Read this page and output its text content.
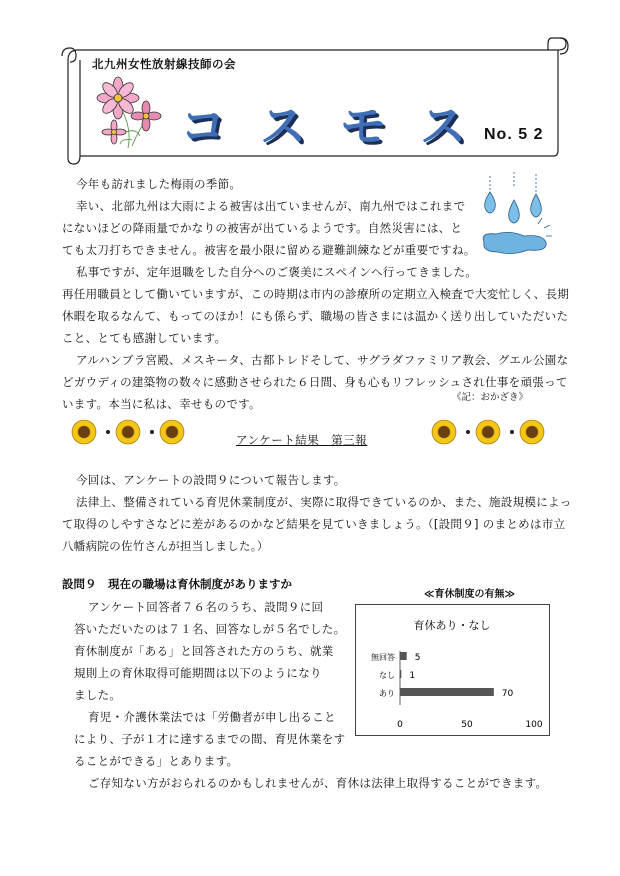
北九州女性放射線技師の会
コスモス
No. 5 2
今年も訪れました梅雨の季節。
幸い、北部九州は大雨による被害は出ていませんが、南九州ではこれまで
にないほどの降雨量でかなりの被害が出ているようです。自然災害には、と
ても太刀打ちできません。被害を最小限に留める避難訓練などが重要ですね。
私事ですが、定年退職をした自分へのご褒美にスペインへ行ってきました。
再任用職員として働いていますが、この時期は市内の診療所の定期立入検査で大変忙しく、長期
休暇を取るなんて、もってのほか！にも係らず、職場の皆さまには温かく送り出していただいた
こと、とても感謝しています。
アルハンブラ宮殿、メスキータ、古都トレドそして、サグラダファミリア教会、グエル公園な
どガウディの建築物の数々に感動させられた６日間、身も心もリフレッシュされ仕事を頑張って
います。本当に私は、幸せものです。	《記：おかざき》
アンケート結果　第三報
今回は、アンケートの設問９について報告します。
法律上、整備されている育児休業制度が、実際に取得できているのか、また、施設規模によっ
て取得のしやすさなどに差があるのかなど結果を見ていきましょう。（[設問９] のまとめは市立
八幡病院の佐竹さんが担当しました。）
設問９　現在の職場は育休制度がありますか
アンケート回答者７６名のうち、設問９に回
答いただいたのは７１名、回答なしが５名でした。
育休制度が「ある」と回答された方のうち、就業
規則上の育休取得可能期間は以下のようになり
ました。
育児・介護休業法では「労働者が申し出ること
により、子が１才に達するまでの間、育児休業をす
ることができる」とあります。
ご存知ない方がおられるのかもしれませんが、育休は法律上取得することができます。
≪育休制度の有無≫
育休あり・なし
無回答 5
なし 1
あり	70
0	50	100
